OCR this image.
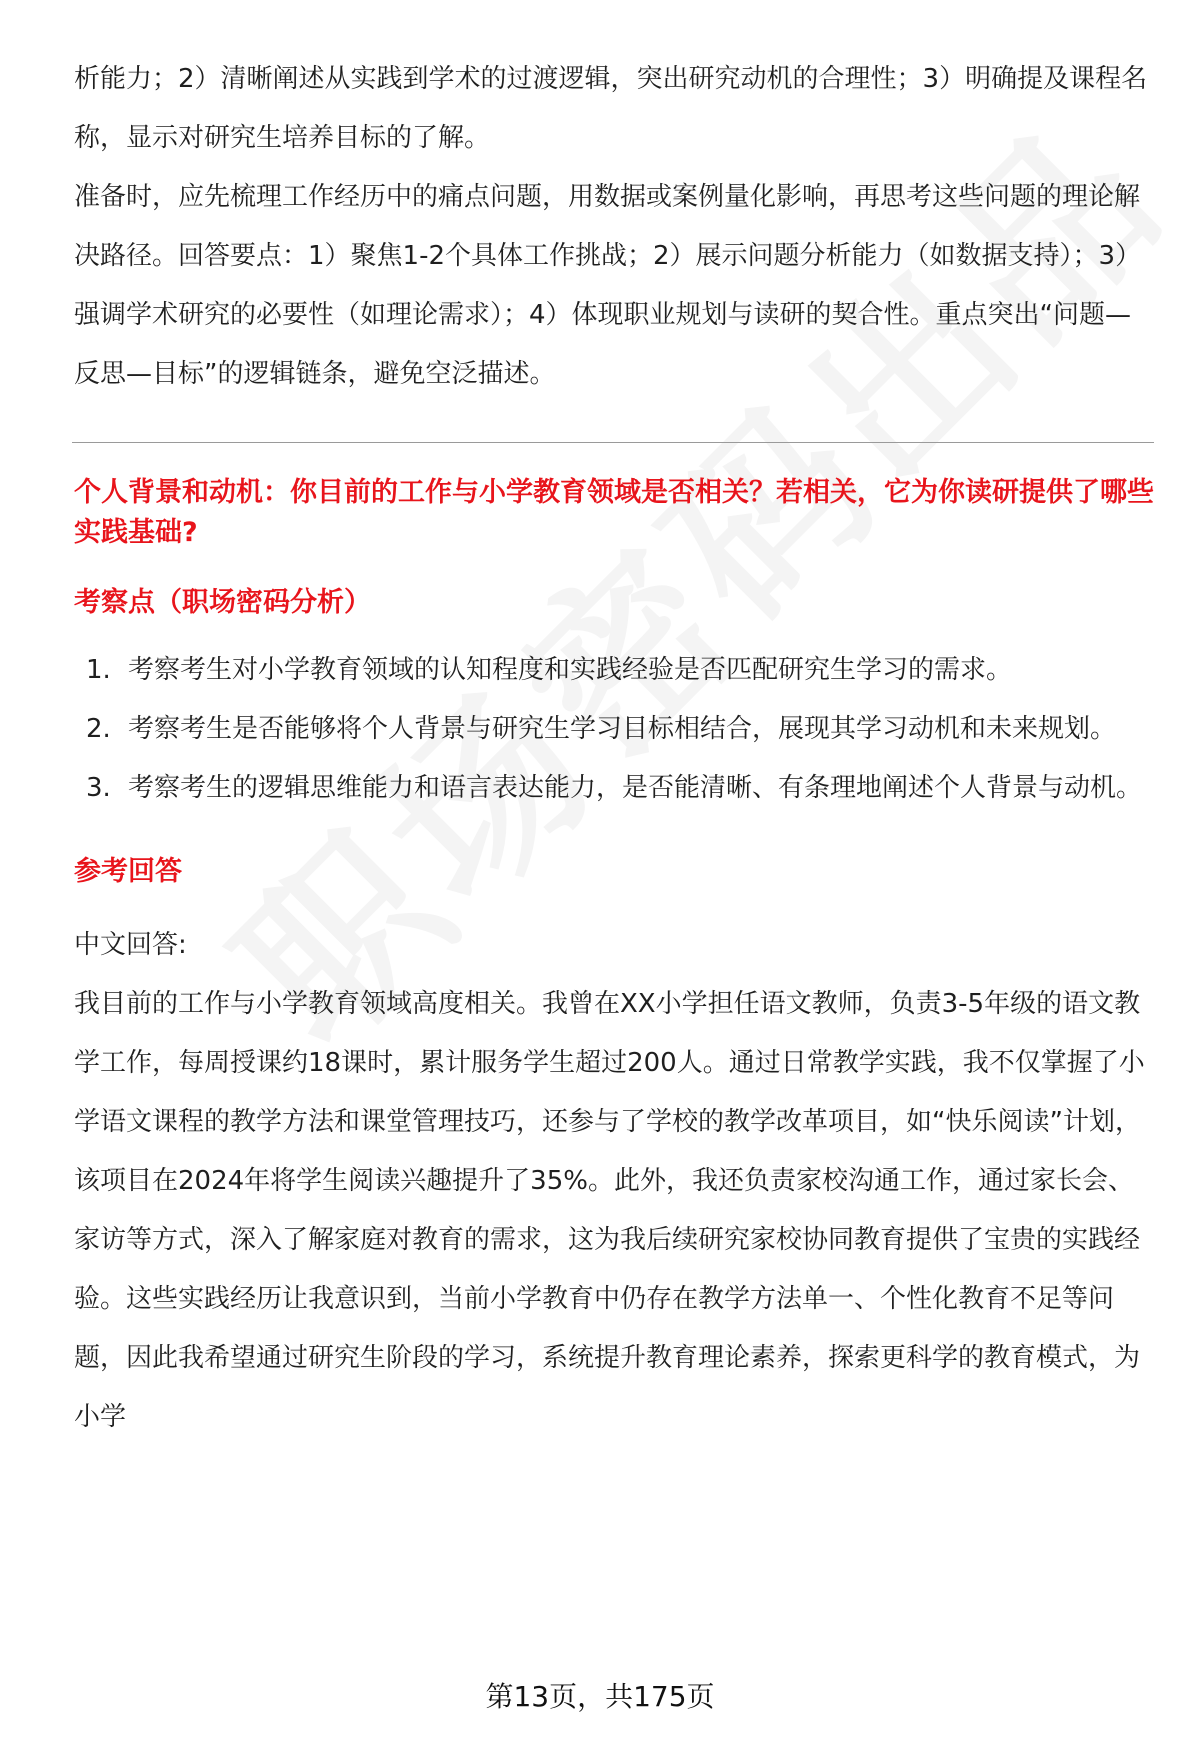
析能力；2）清晰阐述从实践到学术的过渡逻辑，突出研究动机的合理性；3）明确提及课程名称，显示对研究生培养目标的了解。

准备时，应先梳理工作经历中的痛点问题，用数据或案例量化影响，再思考这些问题的理论解决路径。回答要点：1）聚焦1-2个具体工作挑战；2）展示问题分析能力（如数据支持）；3）强调学术研究的必要性（如理论需求）；4）体现职业规划与读研的契合性。重点突出“问题—反思—目标”的逻辑链条，避免空泛描述。

个人背景和动机：你目前的工作与小学教育领域是否相关？若相关，它为你读研提供了哪些实践基础?

考察点（职场密码分析）

1. 考察考生对小学教育领域的认知程度和实践经验是否匹配研究生学习的需求。
2. 考察考生是否能够将个人背景与研究生学习目标相结合，展现其学习动机和未来规划。
3. 考察考生的逻辑思维能力和语言表达能力，是否能清晰、有条理地阐述个人背景与动机。

参考回答

中文回答:

我目前的工作与小学教育领域高度相关。我曾在XX小学担任语文教师，负责3-5年级的语文教学工作，每周授课约18课时，累计服务学生超过200人。通过日常教学实践，我不仅掌握了小学语文课程的教学方法和课堂管理技巧，还参与了学校的教学改革项目，如“快乐阅读”计划，该项目在2024年将学生阅读兴趣提升了35%。此外，我还负责家校沟通工作，通过家长会、家访等方式，深入了解家庭对教育的需求，这为我后续研究家校协同教育提供了宝贵的实践经验。这些实践经历让我意识到，当前小学教育中仍存在教学方法单一、个性化教育不足等问题，因此我希望通过研究生阶段的学习，系统提升教育理论素养，探索更科学的教育模式，为小学

第13页，共175页
